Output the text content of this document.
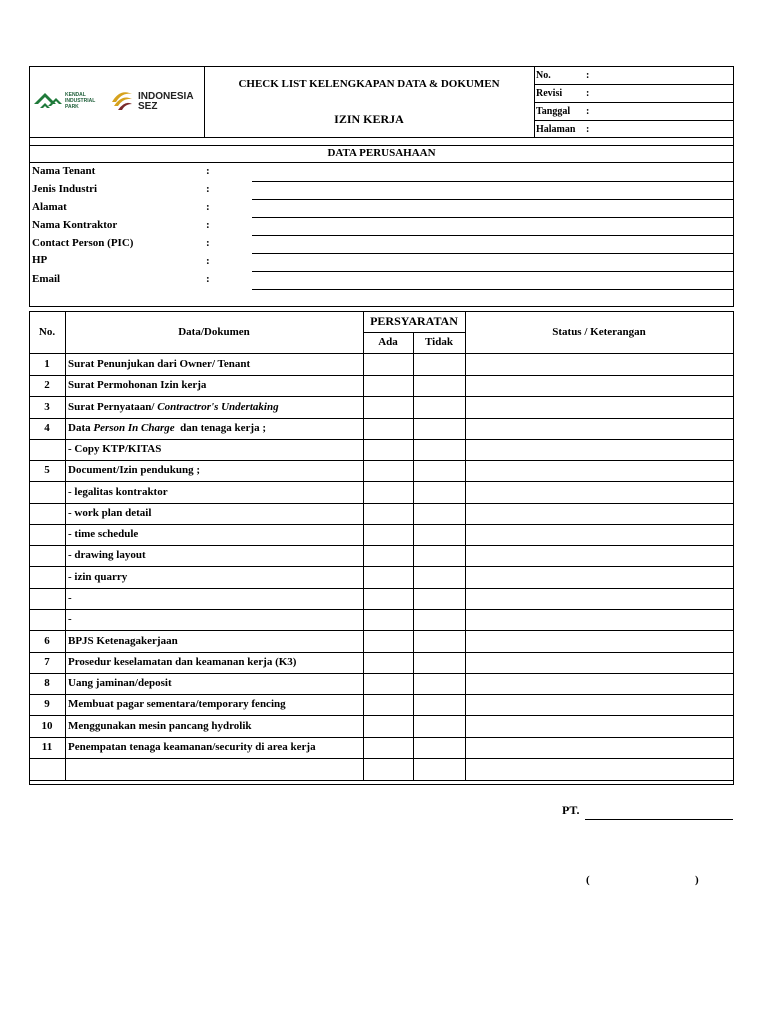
KENDAL
INDUSTRIAL
PARK
INDONESIA
SEZ
CHECK LIST KELENGKAPAN DATA & DOKUMEN
IZIN KERJA
No.	:
Revisi :
Tanggal :
Halaman :
DATA PERUSAHAAN
Nama Tenant	:
Jenis Industri	:
Alamat	:
Nama Kontraktor	:
Contact Person (PIC)	:
HP	:
Email	:
No.	Data/Dokumen
PERSYARATAN
Ada	Tidak
Status / Keterangan
1	Surat Penunjukan dari Owner/ Tenant
2	Surat Permohonan Izin kerja
3	Surat Pernyataan/ Contractror's Undertaking
4	Data Person In Charge  dan tenaga kerja ;
- Copy KTP/KITAS
5	Document/Izin pendukung ;
- legalitas kontraktor
- work plan detail
- time schedule
- drawing layout
- izin quarry
-
-
6	BPJS Ketenagakerjaan
7	Prosedur keselamatan dan keamanan kerja (K3)
8	Uang jaminan/deposit
9	Membuat pagar sementara/temporary fencing
10	Menggunakan mesin pancang hydrolik
11	Penempatan tenaga keamanan/security di area kerja
PT.
(	)
